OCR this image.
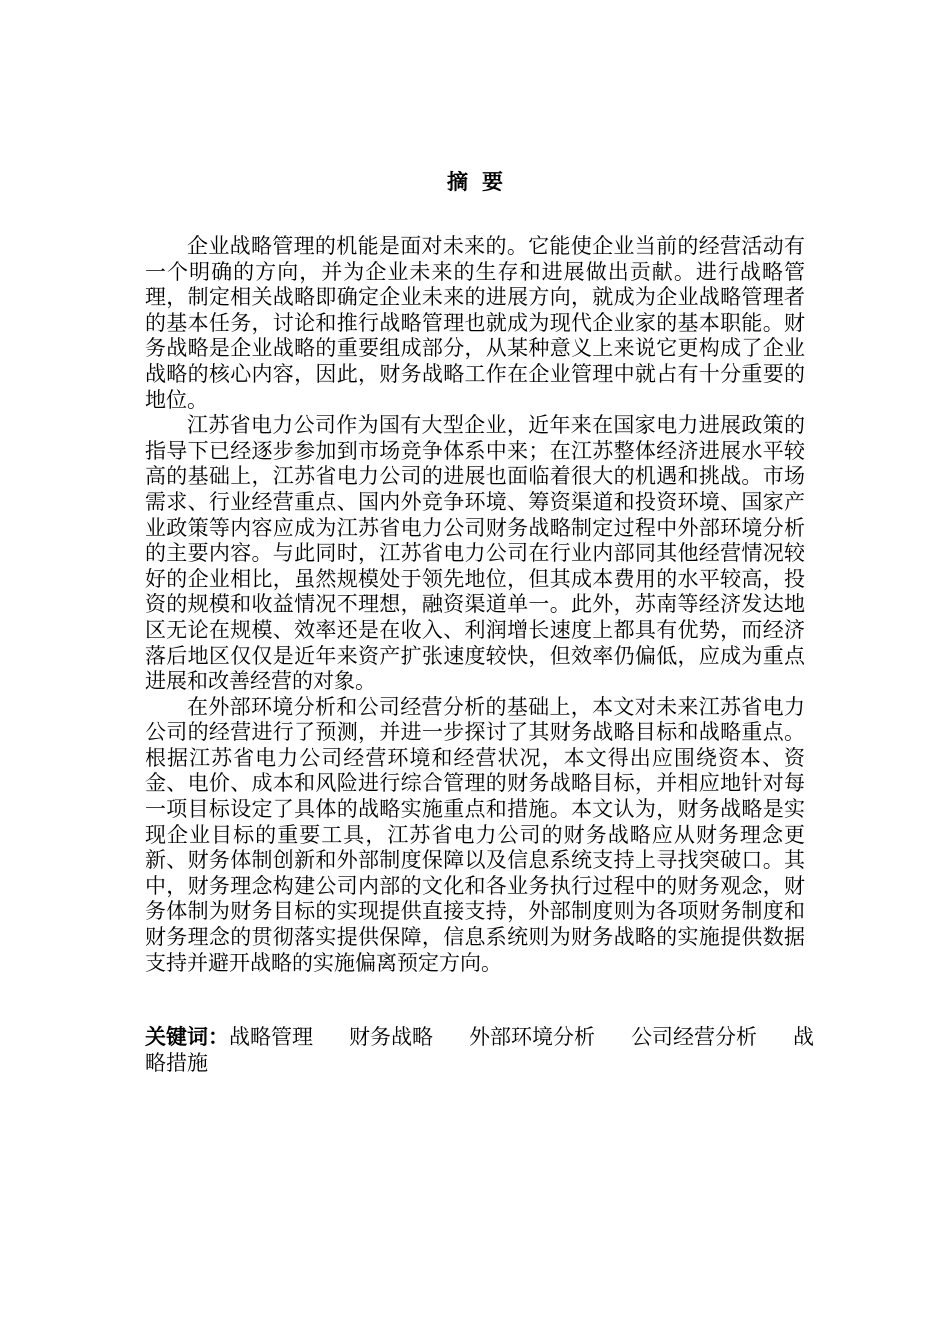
摘要

企业战略管理的机能是面对未来的。它能使企业当前的经营活动有一个明确的方向，并为企业未来的生存和进展做出贡献。进行战略管理，制定相关战略即确定企业未来的进展方向，就成为企业战略管理者的基本任务，讨论和推行战略管理也就成为现代企业家的基本职能。财务战略是企业战略的重要组成部分，从某种意义上来说它更构成了企业战略的核心内容，因此，财务战略工作在企业管理中就占有十分重要的地位。

江苏省电力公司作为国有大型企业，近年来在国家电力进展政策的指导下已经逐步参加到市场竞争体系中来；在江苏整体经济进展水平较高的基础上，江苏省电力公司的进展也面临着很大的机遇和挑战。市场需求、行业经营重点、国内外竞争环境、筹资渠道和投资环境、国家产业政策等内容应成为江苏省电力公司财务战略制定过程中外部环境分析的主要内容。与此同时，江苏省电力公司在行业内部同其他经营情况较好的企业相比，虽然规模处于领先地位，但其成本费用的水平较高，投资的规模和收益情况不理想，融资渠道单一。此外，苏南等经济发达地区无论在规模、效率还是在收入、利润增长速度上都具有优势，而经济落后地区仅仅是近年来资产扩张速度较快，但效率仍偏低，应成为重点进展和改善经营的对象。

在外部环境分析和公司经营分析的基础上，本文对未来江苏省电力公司的经营进行了预测，并进一步探讨了其财务战略目标和战略重点。根据江苏省电力公司经营环境和经营状况，本文得出应围绕资本、资金、电价、成本和风险进行综合管理的财务战略目标，并相应地针对每一项目标设定了具体的战略实施重点和措施。本文认为，财务战略是实现企业目标的重要工具，江苏省电力公司的财务战略应从财务理念更新、财务体制创新和外部制度保障以及信息系统支持上寻找突破口。其中，财务理念构建公司内部的文化和各业务执行过程中的财务观念，财务体制为财务目标的实现提供直接支持，外部制度则为各项财务制度和财务理念的贯彻落实提供保障，信息系统则为财务战略的实施提供数据支持并避开战略的实施偏离预定方向。

关键词：战略管理 财务战略 外部环境分析 公司经营分析 战略措施
